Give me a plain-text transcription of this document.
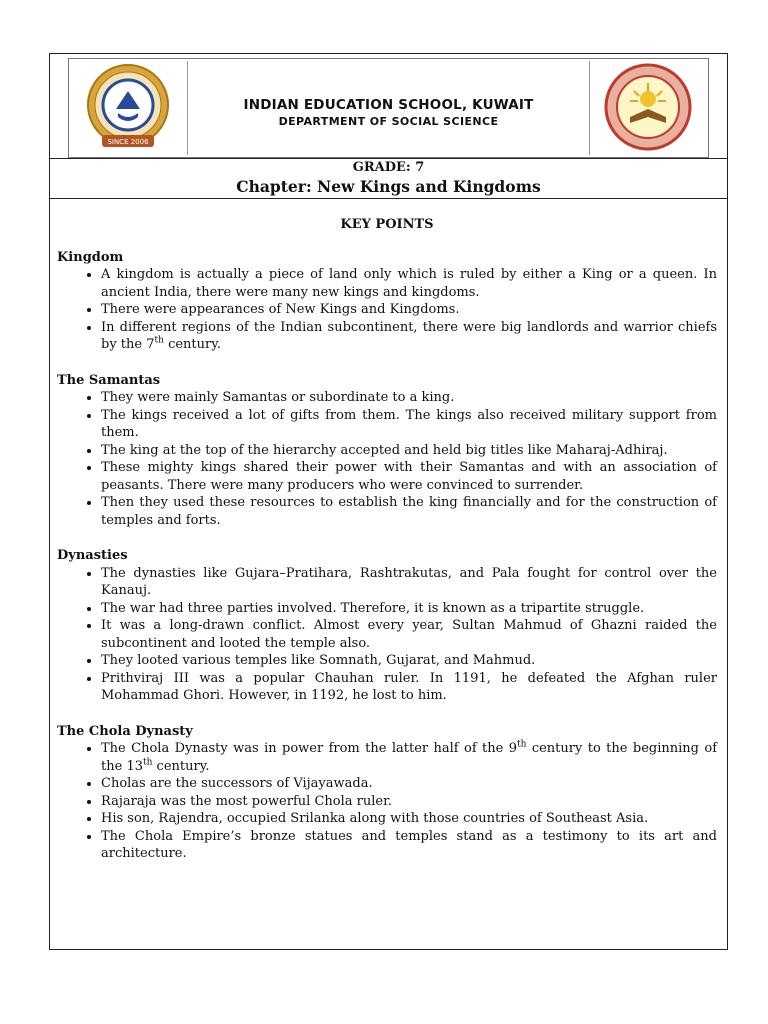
SINCE 2006
INDIAN EDUCATION SCHOOL, KUWAIT
DEPARTMENT OF SOCIAL SCIENCE
GRADE: 7
Chapter: New Kings and Kingdoms
KEY POINTS
Kingdom
• A kingdom is actually a piece of land only which is ruled by either a King or a queen. In ancient India, there were many new kings and kingdoms.
• There were appearances of New Kings and Kingdoms.
• In different regions of the Indian subcontinent, there were big landlords and warrior chiefs by the 7th century.
The Samantas
• They were mainly Samantas or subordinate to a king.
• The kings received a lot of gifts from them. The kings also received military support from them.
• The king at the top of the hierarchy accepted and held big titles like Maharaj-Adhiraj.
• These mighty kings shared their power with their Samantas and with an association of peasants. There were many producers who were convinced to surrender.
• Then they used these resources to establish the king financially and for the construction of temples and forts.
Dynasties
• The dynasties like Gujara–Pratihara, Rashtrakutas, and Pala fought for control over the Kanauj.
• The war had three parties involved. Therefore, it is known as a tripartite struggle.
• It was a long-drawn conflict. Almost every year, Sultan Mahmud of Ghazni raided the subcontinent and looted the temple also.
• They looted various temples like Somnath, Gujarat, and Mahmud.
• Prithviraj III was a popular Chauhan ruler. In 1191, he defeated the Afghan ruler Mohammad Ghori. However, in 1192, he lost to him.
The Chola Dynasty
• The Chola Dynasty was in power from the latter half of the 9th century to the beginning of the 13th century.
• Cholas are the successors of Vijayawada.
• Rajaraja was the most powerful Chola ruler.
• His son, Rajendra, occupied Srilanka along with those countries of Southeast Asia.
• The Chola Empire’s bronze statues and temples stand as a testimony to its art and architecture.
